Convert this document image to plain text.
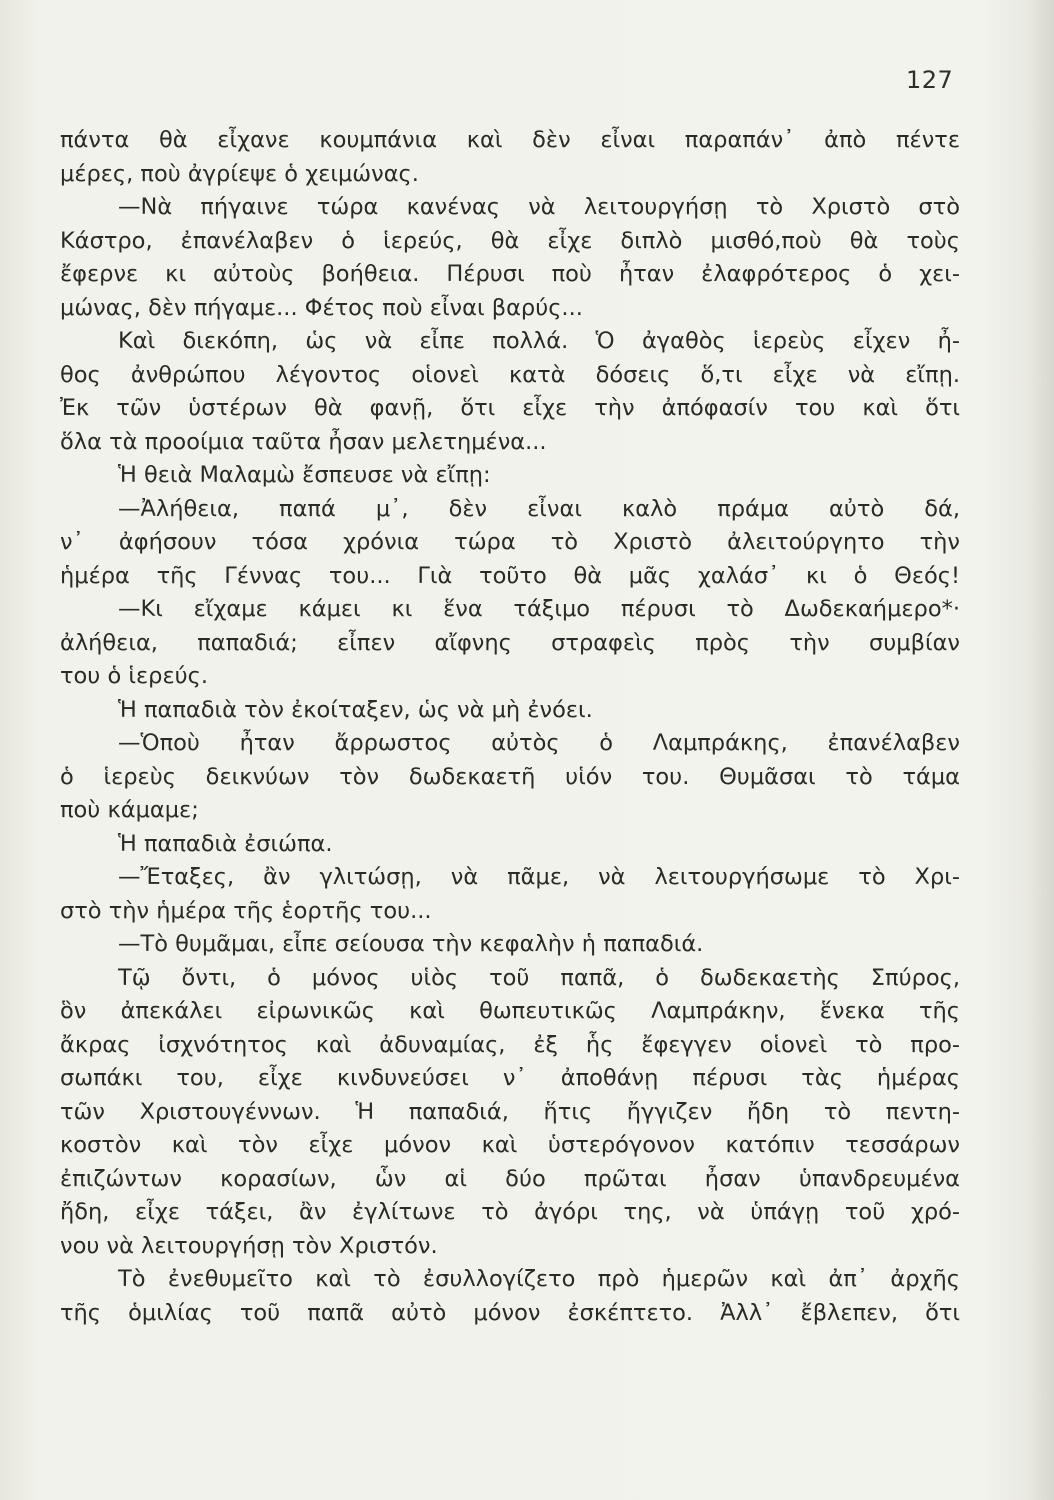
127
πάντα θὰ εἶχανε κουμπάνια καὶ δὲν εἶναι παραπάν᾿ ἀπὸ πέντε
μέρες, ποὺ ἀγρίεψε ὁ χειμώνας.
—Νὰ πήγαινε τώρα κανένας νὰ λειτουργήσῃ τὸ Χριστὸ στὸ
Κάστρο, ἐπανέλαβεν ὁ ἱερεύς, θὰ εἶχε διπλὸ μισθό,ποὺ θὰ τοὺς
ἔφερνε κι αὐτοὺς βοήθεια. Πέρυσι ποὺ ἦταν ἐλαφρότερος ὁ χει-
μώνας, δὲν πήγαμε... Φέτος ποὺ εἶναι βαρύς...
Καὶ διεκόπη, ὡς νὰ εἶπε πολλά. Ὁ ἀγαθὸς ἱερεὺς εἶχεν ἦ-
θος ἀνθρώπου λέγοντος οἱονεὶ κατὰ δόσεις ὅ,τι εἶχε νὰ εἴπῃ.
Ἐκ τῶν ὑστέρων θὰ φανῇ, ὅτι εἶχε τὴν ἀπόφασίν του καὶ ὅτι
ὅλα τὰ προοίμια ταῦτα ἦσαν μελετημένα...
Ἡ θειὰ Μαλαμὼ ἔσπευσε νὰ εἴπῃ:
—Ἀλήθεια, παπά μ᾿, δὲν εἶναι καλὸ πράμα αὐτὸ δά,
ν᾿ ἀφήσουν τόσα χρόνια τώρα τὸ Χριστὸ ἀλειτούργητο τὴν
ἡμέρα τῆς Γέννας του... Γιὰ τοῦτο θὰ μᾶς χαλάσ᾿ κι ὁ Θεός!
—Κι εἴχαμε κάμει κι ἕνα τάξιμο πέρυσι τὸ Δωδεκαήμερο*·
ἀλήθεια, παπαδιά; εἶπεν αἴφνης στραφεὶς πρὸς τὴν συμβίαν
του ὁ ἱερεύς.
Ἡ παπαδιὰ τὸν ἐκοίταξεν, ὡς νὰ μὴ ἐνόει.
—Ὁποὺ ἦταν ἄρρωστος αὐτὸς ὁ Λαμπράκης, ἐπανέλαβεν
ὁ ἱερεὺς δεικνύων τὸν δωδεκαετῆ υἱόν του. Θυμᾶσαι τὸ τάμα
ποὺ κάμαμε;
Ἡ παπαδιὰ ἐσιώπα.
—Ἔταξες, ἂν γλιτώσῃ, νὰ πᾶμε, νὰ λειτουργήσωμε τὸ Χρι-
στὸ τὴν ἡμέρα τῆς ἑορτῆς του...
—Τὸ θυμᾶμαι, εἶπε σείουσα τὴν κεφαλὴν ἡ παπαδιά.
Τῷ ὄντι, ὁ μόνος υἱὸς τοῦ παπᾶ, ὁ δωδεκαετὴς Σπύρος,
ὃν ἀπεκάλει εἰρωνικῶς καὶ θωπευτικῶς Λαμπράκην, ἕνεκα τῆς
ἄκρας ἰσχνότητος καὶ ἀδυναμίας, ἐξ ἧς ἔφεγγεν οἱονεὶ τὸ προ-
σωπάκι του, εἶχε κινδυνεύσει ν᾿ ἀποθάνῃ πέρυσι τὰς ἡμέρας
τῶν Χριστουγέννων. Ἡ παπαδιά, ἥτις ἤγγιζεν ἤδη τὸ πεντη-
κοστὸν καὶ τὸν εἶχε μόνον καὶ ὑστερόγονον κατόπιν τεσσάρων
ἐπιζώντων κορασίων, ὧν αἱ δύο πρῶται ἦσαν ὑπανδρευμένα
ἤδη, εἶχε τάξει, ἂν ἐγλίτωνε τὸ ἀγόρι της, νὰ ὑπάγῃ τοῦ χρό-
νου νὰ λειτουργήσῃ τὸν Χριστόν.
Τὸ ἐνεθυμεῖτο καὶ τὸ ἐσυλλογίζετο πρὸ ἡμερῶν καὶ ἀπ᾿ ἀρχῆς
τῆς ὁμιλίας τοῦ παπᾶ αὐτὸ μόνον ἐσκέπτετο. Ἀλλ᾿ ἔβλεπεν, ὅτι
